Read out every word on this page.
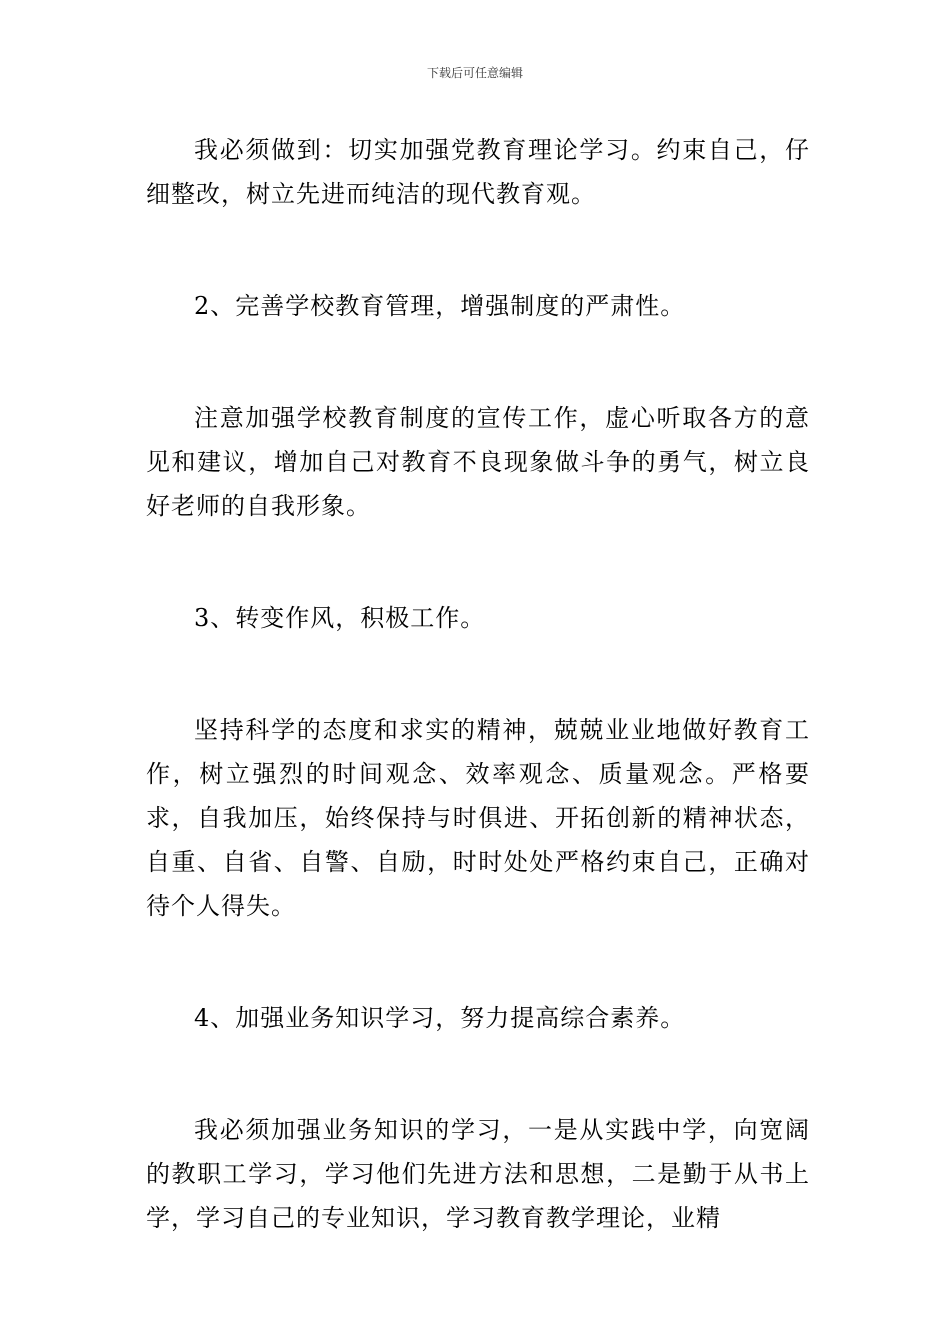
下载后可任意编辑

我必须做到：切实加强党教育理论学习。约束自己，仔细整改，树立先进而纯洁的现代教育观。

2、完善学校教育管理，增强制度的严肃性。

注意加强学校教育制度的宣传工作，虚心听取各方的意见和建议，增加自己对教育不良现象做斗争的勇气，树立良好老师的自我形象。

3、转变作风，积极工作。

坚持科学的态度和求实的精神，兢兢业业地做好教育工作，树立强烈的时间观念、效率观念、质量观念。严格要求，自我加压，始终保持与时俱进、开拓创新的精神状态，自重、自省、自警、自励，时时处处严格约束自己，正确对待个人得失。

4、加强业务知识学习，努力提高综合素养。

我必须加强业务知识的学习，一是从实践中学，向宽阔的教职工学习，学习他们先进方法和思想，二是勤于从书上学，学习自己的专业知识，学习教育教学理论，业精
